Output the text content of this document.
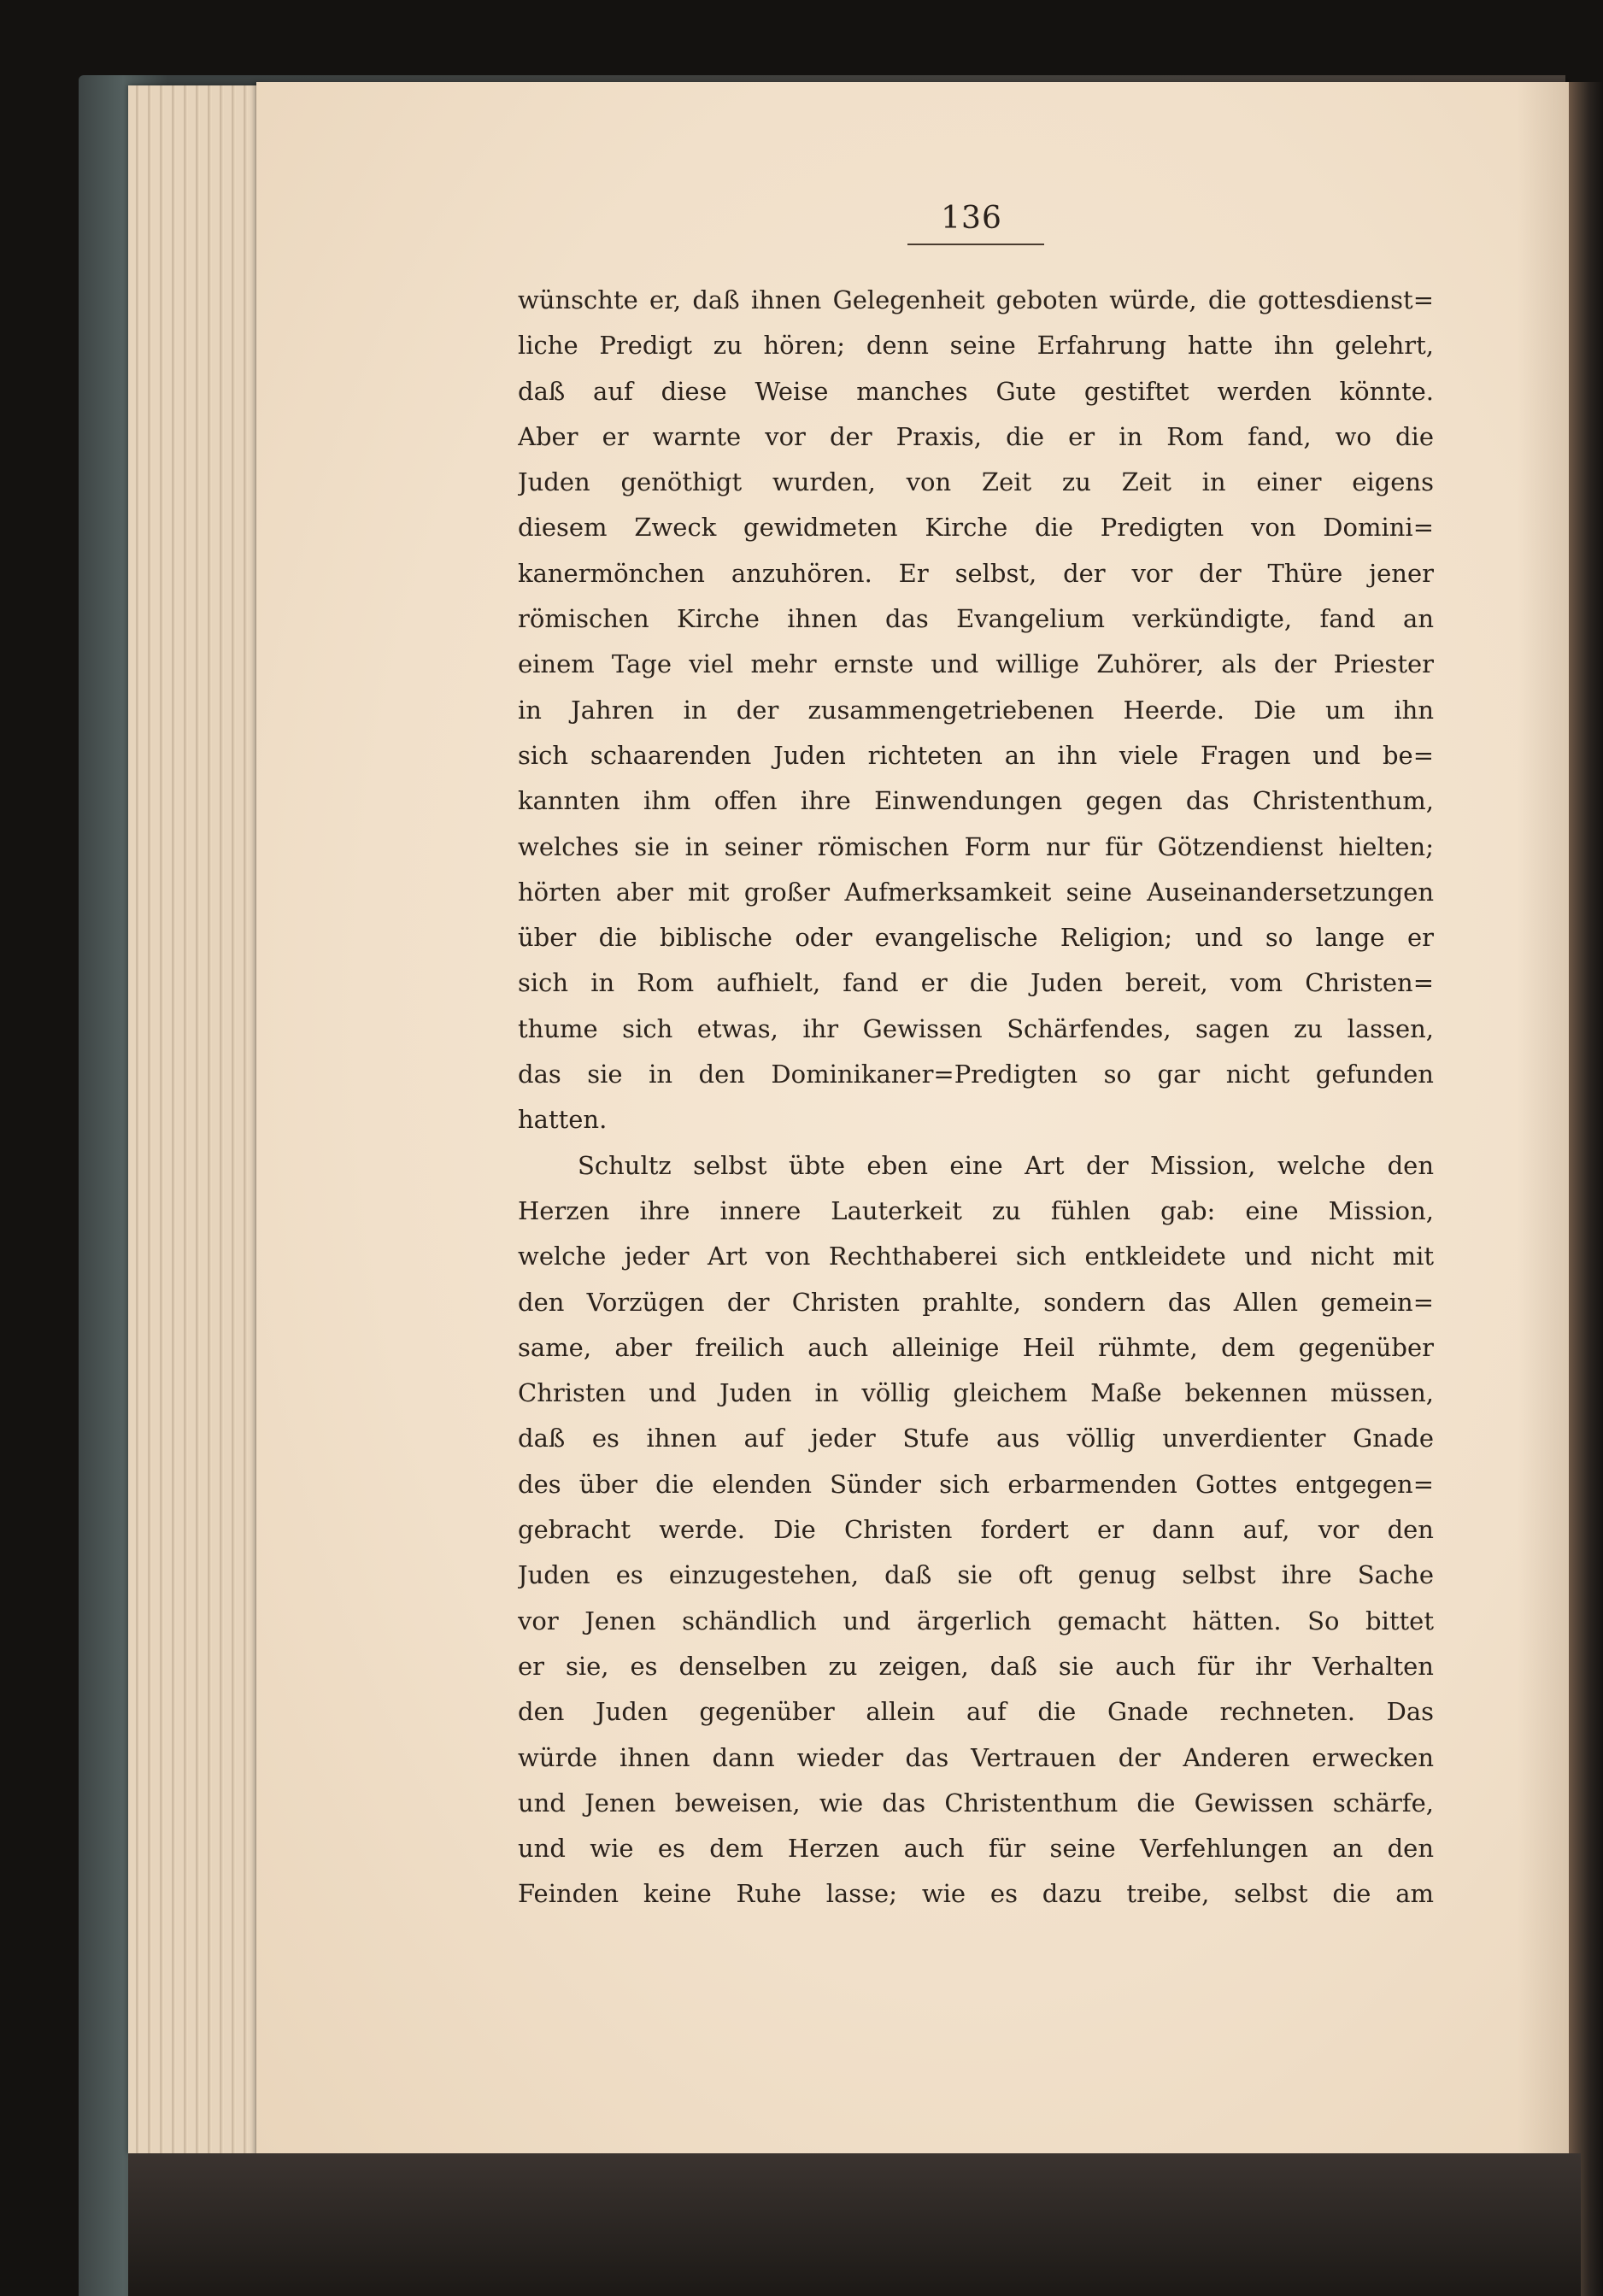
136
wünschte er, daß ihnen Gelegenheit geboten würde, die gottesdienst=
liche Predigt zu hören; denn seine Erfahrung hatte ihn gelehrt,
daß auf diese Weise manches Gute gestiftet werden könnte.
Aber er warnte vor der Praxis, die er in Rom fand, wo die
Juden genöthigt wurden, von Zeit zu Zeit in einer eigens
diesem Zweck gewidmeten Kirche die Predigten von Domini=
kanermönchen anzuhören. Er selbst, der vor der Thüre jener
römischen Kirche ihnen das Evangelium verkündigte, fand an
einem Tage viel mehr ernste und willige Zuhörer, als der Priester
in Jahren in der zusammengetriebenen Heerde. Die um ihn
sich schaarenden Juden richteten an ihn viele Fragen und be=
kannten ihm offen ihre Einwendungen gegen das Christenthum,
welches sie in seiner römischen Form nur für Götzendienst hielten;
hörten aber mit großer Aufmerksamkeit seine Auseinandersetzungen
über die biblische oder evangelische Religion; und so lange er
sich in Rom aufhielt, fand er die Juden bereit, vom Christen=
thume sich etwas, ihr Gewissen Schärfendes, sagen zu lassen,
das sie in den Dominikaner=Predigten so gar nicht gefunden
hatten.
Schultz selbst übte eben eine Art der Mission, welche den
Herzen ihre innere Lauterkeit zu fühlen gab: eine Mission,
welche jeder Art von Rechthaberei sich entkleidete und nicht mit
den Vorzügen der Christen prahlte, sondern das Allen gemein=
same, aber freilich auch alleinige Heil rühmte, dem gegenüber
Christen und Juden in völlig gleichem Maße bekennen müssen,
daß es ihnen auf jeder Stufe aus völlig unverdienter Gnade
des über die elenden Sünder sich erbarmenden Gottes entgegen=
gebracht werde. Die Christen fordert er dann auf, vor den
Juden es einzugestehen, daß sie oft genug selbst ihre Sache
vor Jenen schändlich und ärgerlich gemacht hätten. So bittet
er sie, es denselben zu zeigen, daß sie auch für ihr Verhalten
den Juden gegenüber allein auf die Gnade rechneten. Das
würde ihnen dann wieder das Vertrauen der Anderen erwecken
und Jenen beweisen, wie das Christenthum die Gewissen schärfe,
und wie es dem Herzen auch für seine Verfehlungen an den
Feinden keine Ruhe lasse; wie es dazu treibe, selbst die am
